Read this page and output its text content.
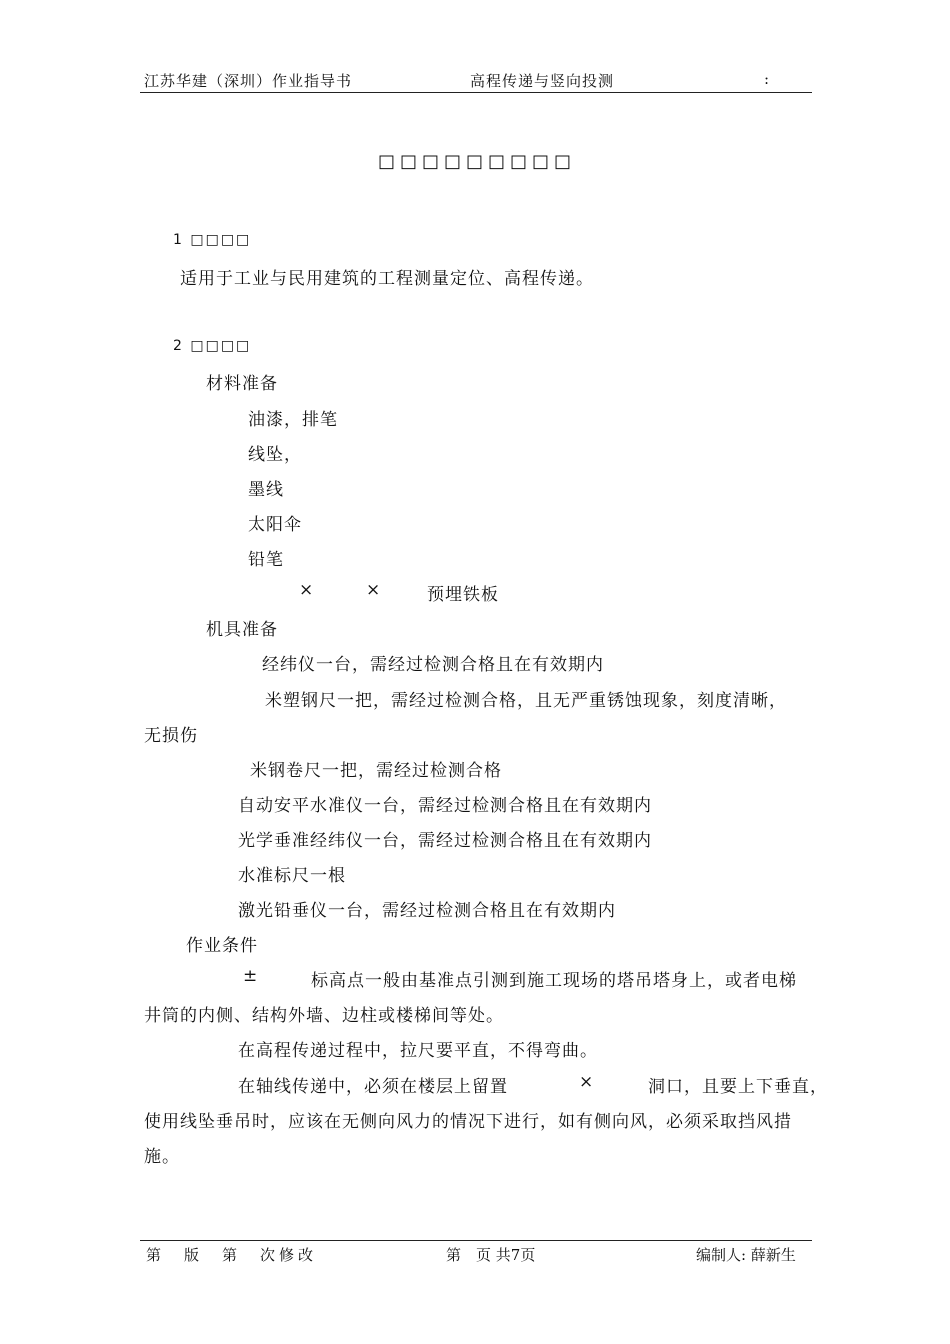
江苏华建（深圳）作业指导书	高程传递与竖向投测	:
□□□□□□□□□
1 □□□□
适用于工业与民用建筑的工程测量定位、高程传递。
2 □□□□
材料准备
油漆，排笔
线坠，
墨线
太阳伞
铅笔
×	×	预埋铁板
机具准备
经纬仪一台，需经过检测合格且在有效期内
米塑钢尺一把，需经过检测合格，且无严重锈蚀现象，刻度清晰，
无损伤
米钢卷尺一把，需经过检测合格
自动安平水准仪一台，需经过检测合格且在有效期内
光学垂准经纬仪一台，需经过检测合格且在有效期内
水准标尺一根
激光铅垂仪一台，需经过检测合格且在有效期内
作业条件
±	标高点一般由基准点引测到施工现场的塔吊塔身上，或者电梯
井筒的内侧、结构外墙、边柱或楼梯间等处。
在高程传递过程中，拉尺要平直，不得弯曲。
在轴线传递中，必须在楼层上留置	×	洞口，且要上下垂直，
使用线坠垂吊时，应该在无侧向风力的情况下进行，如有侧向风，必须采取挡风措
施。
第　版　第　次修改	第　页 共7页	编制人: 薛新生
